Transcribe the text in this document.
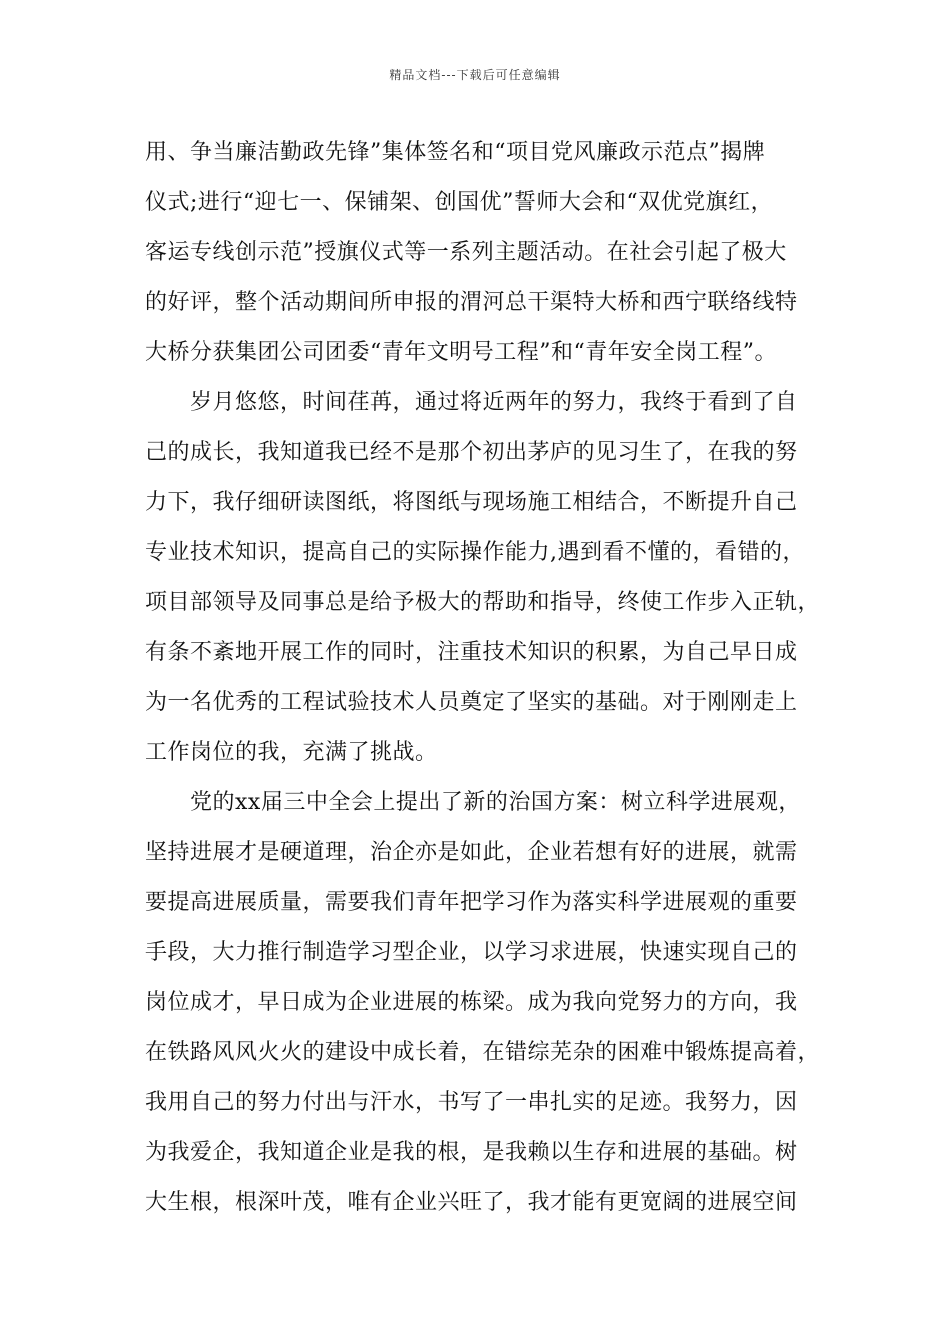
精品文档---下载后可任意编辑
用、争当廉洁勤政先锋”集体签名和“项目党风廉政示范点”揭牌
仪式;进行“迎七一、保铺架、创国优”誓师大会和“双优党旗红，
客运专线创示范”授旗仪式等一系列主题活动。在社会引起了极大
的好评，整个活动期间所申报的渭河总干渠特大桥和西宁联络线特
大桥分获集团公司团委“青年文明号工程”和“青年安全岗工程”。
　　岁月悠悠，时间荏苒，通过将近两年的努力，我终于看到了自
己的成长，我知道我已经不是那个初出茅庐的见习生了，在我的努
力下，我仔细研读图纸，将图纸与现场施工相结合，不断提升自己
专业技术知识，提高自己的实际操作能力,遇到看不懂的，看错的，
项目部领导及同事总是给予极大的帮助和指导，终使工作步入正轨，
有条不紊地开展工作的同时，注重技术知识的积累，为自己早日成
为一名优秀的工程试验技术人员奠定了坚实的基础。对于刚刚走上
工作岗位的我，充满了挑战。
　　党的xx届三中全会上提出了新的治国方案：树立科学进展观，
坚持进展才是硬道理，治企亦是如此，企业若想有好的进展，就需
要提高进展质量，需要我们青年把学习作为落实科学进展观的重要
手段，大力推行制造学习型企业，以学习求进展，快速实现自己的
岗位成才，早日成为企业进展的栋梁。成为我向党努力的方向，我
在铁路风风火火的建设中成长着，在错综芜杂的困难中锻炼提高着，
我用自己的努力付出与汗水，书写了一串扎实的足迹。我努力，因
为我爱企，我知道企业是我的根，是我赖以生存和进展的基础。树
大生根，根深叶茂，唯有企业兴旺了，我才能有更宽阔的进展空间
